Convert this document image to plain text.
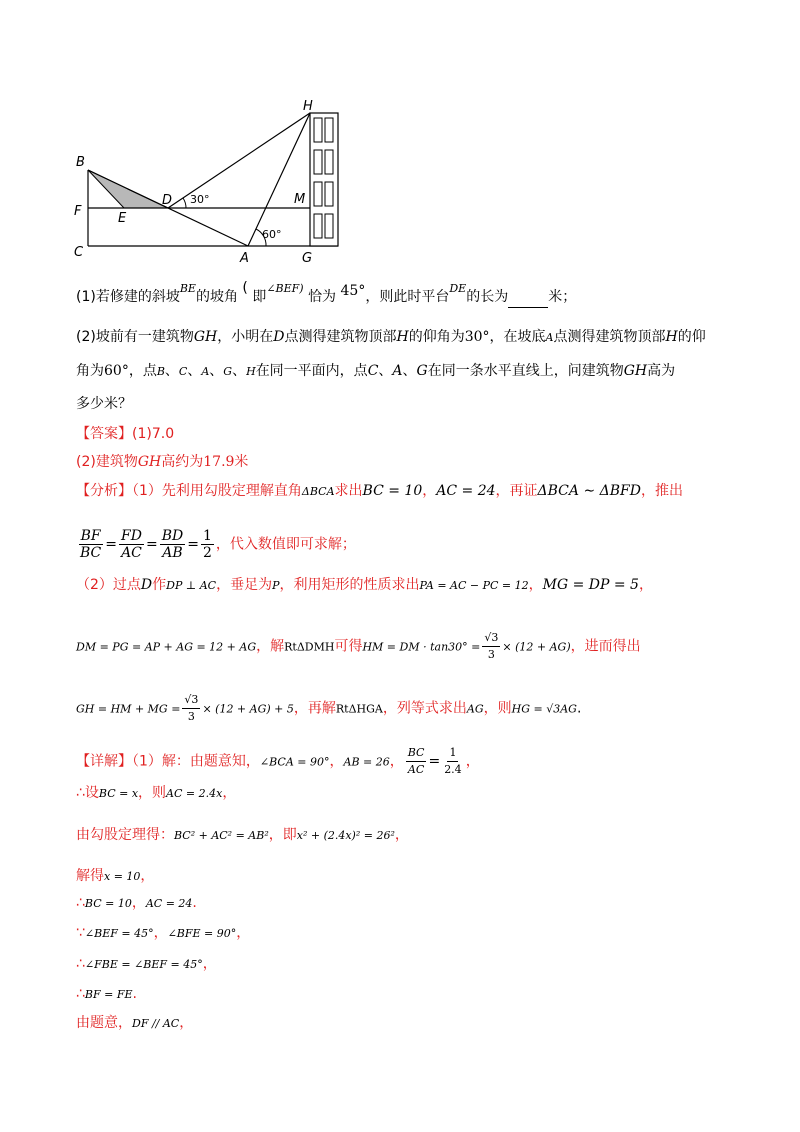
B
F
C
E
D
A	G
H
M
30°
60°
(1)若修建的斜坡$^{BE}$的坡角 ( 即$^{\angle BEF)}$ 恰为 45°，则此时平台$^{DE}$的长为	米；
(2)坡前有一建筑物GH，小明在D点测得建筑物顶部H的仰角为30°，在坡底A点测得建筑物顶部H的仰
角为60°，点B、C、A、G、H在同一平面内，点C、A、G在同一条水平直线上，问建筑物GH高为
多少米？
【答案】(1)7.0
(2)建筑物GH高约为17.9米
【分析】（1）先利用勾股定理解直角ΔBCA求出BC = 10，AC = 24，再证ΔBCA ∼ ΔBFD，推出
$\frac{BF}{BC} = \frac{FD}{AC} = \frac{BD}{AB} = \frac{1}{2}$ ，代入数值即可求解；
（2）过点D作DP ⊥ AC，垂足为P，利用矩形的性质求出PA = AC − PC = 12，MG = DP = 5，
DM = PG = AP + AG = 12 + AG，解RtΔDMH可得HM = DM · $\tan 30^\circ = \frac{√3}{3} \times (12 + AG)$，进而得出
GH = HM + MG = $\frac{√3}{3} \times (12 + AG) + 5$，再解RtΔHGA，列等式求出AG，则HG = √3AG.
【详解】（1）解：由题意知，∠BCA = 90°，AB = 26， $\frac{BC}{AC} = \frac{1}{2.4}$ ，
∴设BC = x，则AC = 2.4x，
由勾股定理得：BC² + AC² = AB²，即x² + (2.4x)² = 26²，
解得x = 10，
∴BC = 10，AC = 24.
∵∠BEF = 45°，∠BFE = 90°，
∴∠FBE = ∠BEF = 45°，
∴BF = FE.
由题意，DF // AC，
